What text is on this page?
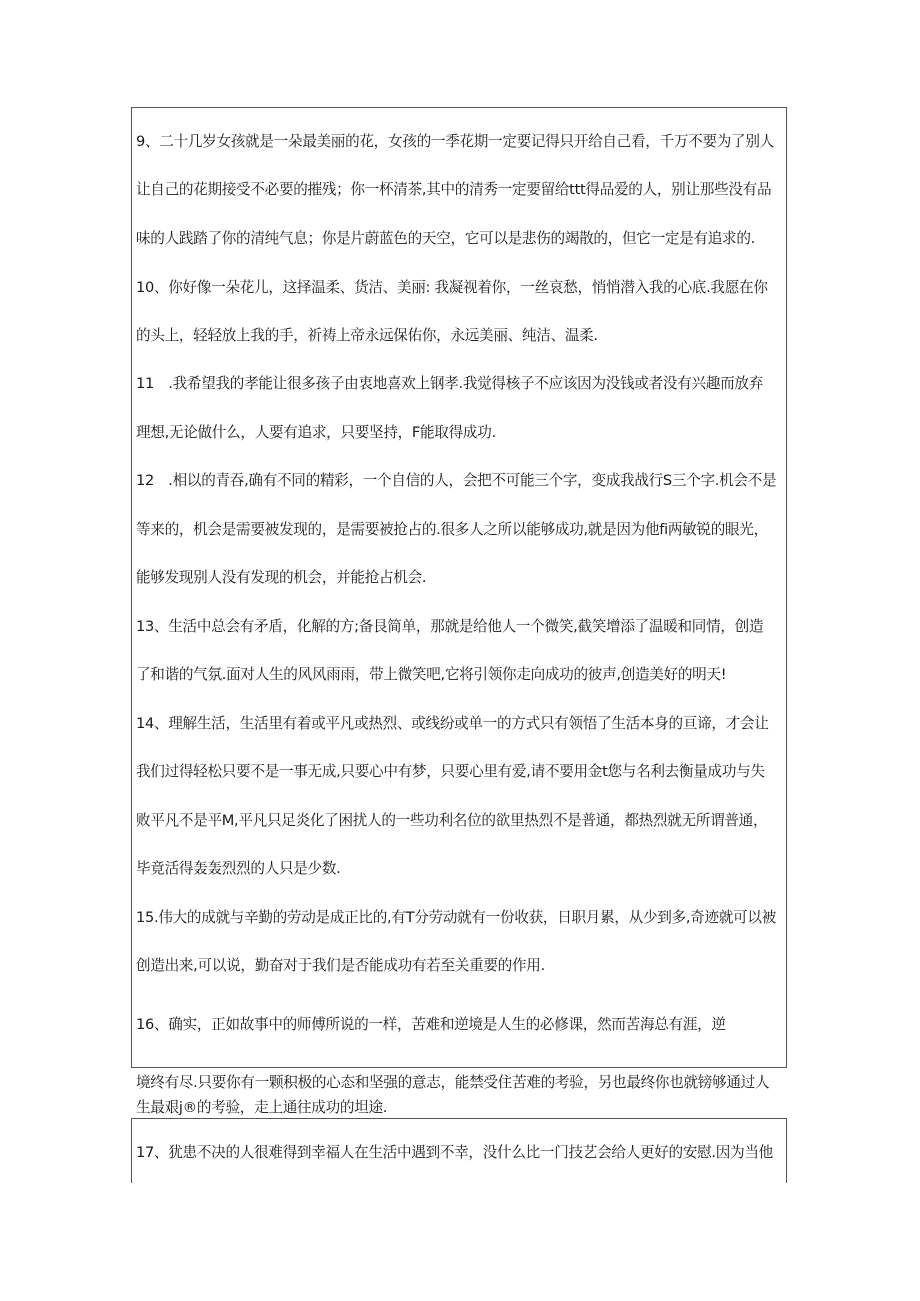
9、二十几岁女孩就是一朵最美丽的花，女孩的一季花期一定要记得只开给自己看，千万不要为了别人
让自己的花期接受不必要的摧残；你一杯清茶,其中的清秀一定要留给ttt得品爱的人，别让那些没有品
味的人践踏了你的清纯气息；你是片蔚蓝色的天空，它可以是悲伤的竭散的，但它一定是有追求的.
10、你好像一朵花儿，这择温柔、货洁、美丽: 我凝视着你，一丝哀愁，悄悄潜入我的心底.我愿在你
的头上，轻轻放上我的手，祈祷上帝永远保佑你，永远美丽、纯洁、温柔.
11　.我希望我的孝能让很多孩子由衷地喜欢上钢孝.我觉得核子不应该因为没钱或者没有兴趣而放弃
理想,无论做什么，人要有追求，只要坚持，F能取得成功.
12　.相以的青吞,确有不同的精彩，一个自信的人，会把不可能三个字，变成我战行S三个字.机会不是
等来的，机会是需要被发现的，是需要被抢占的.很多人之所以能够成功,就是因为他fi两敏锐的眼光，
能够发现别人没有发现的机会，并能抢占机会.
13、生活中总会有矛盾，化解的方;备艮简单，那就是给他人一个微笑,截笑增添了温暖和同情，创造
了和谐的气氛.面对人生的风风雨雨，带上微笑吧,它将引领你走向成功的彼声,创造美好的明天!
14、理解生活，生活里有着或平凡或热烈、或线纷或单一的方式只有领悟了生活本身的亘谛，才会让
我们过得轻松只要不是一事无成,只要心中有梦，只要心里有爱,请不要用金t您与名利去衡量成功与失
败平凡不是平M,平凡只足炎化了困扰人的一些功利名位的欲里热烈不是普通，都热烈就无所谓普通，
毕竟活得轰轰烈烈的人只是少数.
15.伟大的成就与辛勤的劳动是成正比的,有T分劳动就有一份收获，日职月累，从少到多,奇迹就可以被
创造出来,可以说，勤奋对于我们是否能成功有若至关重要的作用.
16、确实，正如故事中的师傅所说的一样，苦难和逆境是人生的必修课，然而苦海总有涯，逆
境终有尽.只要你有一颗积极的心态和坚强的意志，能禁受住苦难的考验，另也最终你也就镑够通过人
生最艰j®的考验，走上通往成功的坦途.
17、犹患不决的人很难得到幸福人在生活中遇到不幸，没什么比一门技艺会给人更好的安慰.因为当他
